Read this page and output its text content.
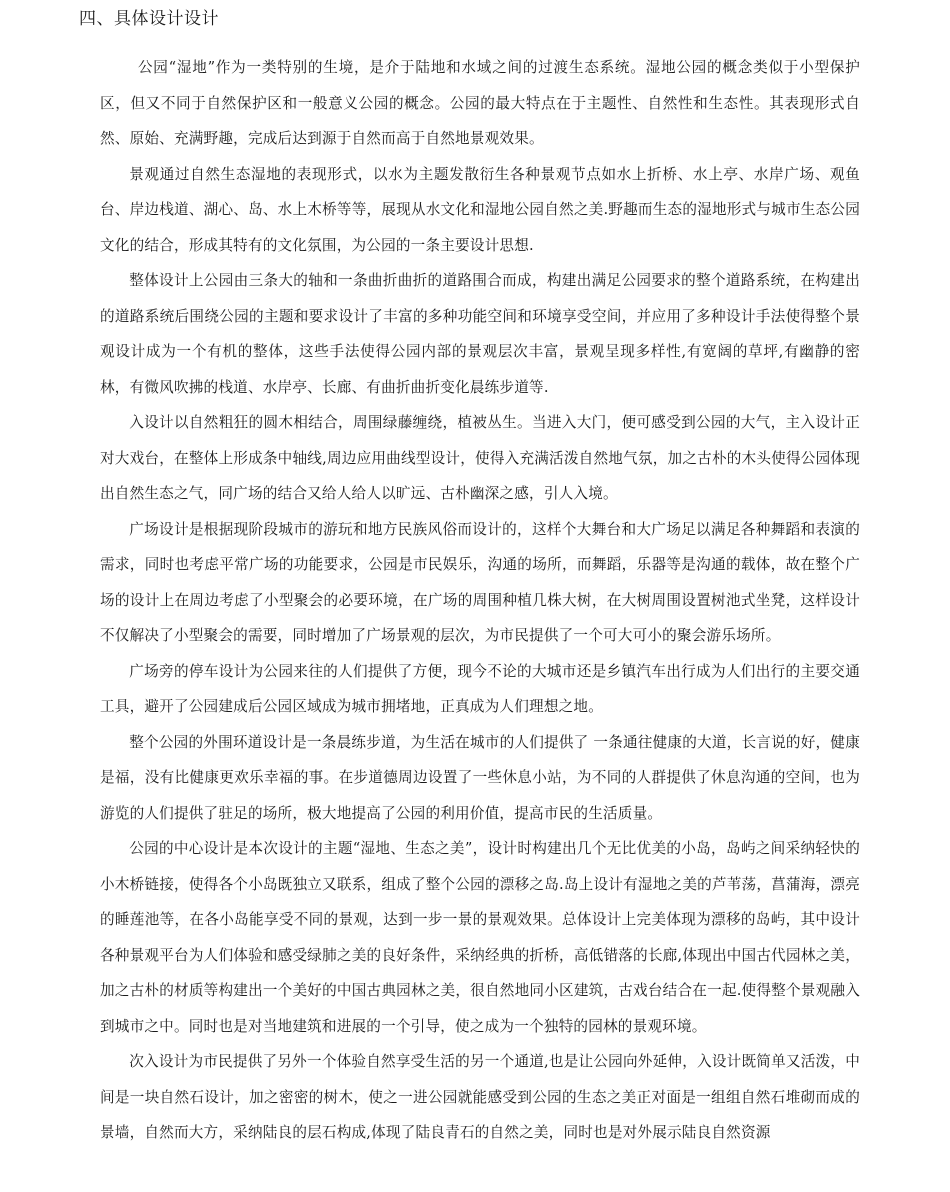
四、具体设计设计

公园“湿地”作为一类特别的生境，是介于陆地和水域之间的过渡生态系统。湿地公园的概念类似于小型保护区，但又不同于自然保护区和一般意义公园的概念。公园的最大特点在于主题性、自然性和生态性。其表现形式自然、原始、充满野趣，完成后达到源于自然而高于自然地景观效果。

景观通过自然生态湿地的表现形式，以水为主题发散衍生各种景观节点如水上折桥、水上亭、水岸广场、观鱼台、岸边栈道、湖心、岛、水上木桥等等，展现从水文化和湿地公园自然之美.野趣而生态的湿地形式与城市生态公园文化的结合，形成其特有的文化氛围，为公园的一条主要设计思想.

整体设计上公园由三条大的轴和一条曲折曲折的道路围合而成，构建出满足公园要求的整个道路系统，在构建出的道路系统后围绕公园的主题和要求设计了丰富的多种功能空间和环境享受空间，并应用了多种设计手法使得整个景观设计成为一个有机的整体，这些手法使得公园内部的景观层次丰富，景观呈现多样性,有宽阔的草坪,有幽静的密林，有微风吹拂的栈道、水岸亭、长廊、有曲折曲折变化晨练步道等.

入设计以自然粗狂的圆木相结合，周围绿藤缠绕，植被丛生。当进入大门，便可感受到公园的大气，主入设计正对大戏台，在整体上形成条中轴线,周边应用曲线型设计，使得入充满活泼自然地气氛，加之古朴的木头使得公园体现出自然生态之气，同广场的结合又给人给人以旷远、古朴幽深之感，引人入境。

广场设计是根据现阶段城市的游玩和地方民族风俗而设计的，这样个大舞台和大广场足以满足各种舞蹈和表演的需求，同时也考虑平常广场的功能要求，公园是市民娱乐，沟通的场所，而舞蹈，乐器等是沟通的载体，故在整个广场的设计上在周边考虑了小型聚会的必要环境，在广场的周围种植几株大树，在大树周围设置树池式坐凳，这样设计不仅解决了小型聚会的需要，同时增加了广场景观的层次，为市民提供了一个可大可小的聚会游乐场所。

广场旁的停车设计为公园来往的人们提供了方便，现今不论的大城市还是乡镇汽车出行成为人们出行的主要交通工具，避开了公园建成后公园区域成为城市拥堵地，正真成为人们理想之地。

整个公园的外围环道设计是一条晨练步道，为生活在城市的人们提供了 一条通往健康的大道，长言说的好，健康是福，没有比健康更欢乐幸福的事。在步道德周边设置了一些休息小站，为不同的人群提供了休息沟通的空间，也为游览的人们提供了驻足的场所，极大地提高了公园的利用价值，提高市民的生活质量。

公园的中心设计是本次设计的主题“湿地、生态之美”，设计时构建出几个无比优美的小岛，岛屿之间采纳轻快的小木桥链接，使得各个小岛既独立又联系，组成了整个公园的漂移之岛.岛上设计有湿地之美的芦苇荡，菖蒲海，漂亮的睡莲池等，在各小岛能享受不同的景观，达到一步一景的景观效果。总体设计上完美体现为漂移的岛屿，其中设计各种景观平台为人们体验和感受绿肺之美的良好条件，采纳经典的折桥，高低错落的长廊,体现出中国古代园林之美，加之古朴的材质等构建出一个美好的中国古典园林之美，很自然地同小区建筑，古戏台结合在一起.使得整个景观融入到城市之中。同时也是对当地建筑和进展的一个引导，使之成为一个独特的园林的景观环境。

次入设计为市民提供了另外一个体验自然享受生活的另一个通道,也是让公园向外延伸，入设计既简单又活泼，中间是一块自然石设计，加之密密的树木，使之一进公园就能感受到公园的生态之美正对面是一组组自然石堆砌而成的景墙，自然而大方，采纳陆良的层石构成,体现了陆良青石的自然之美，同时也是对外展示陆良自然资源
